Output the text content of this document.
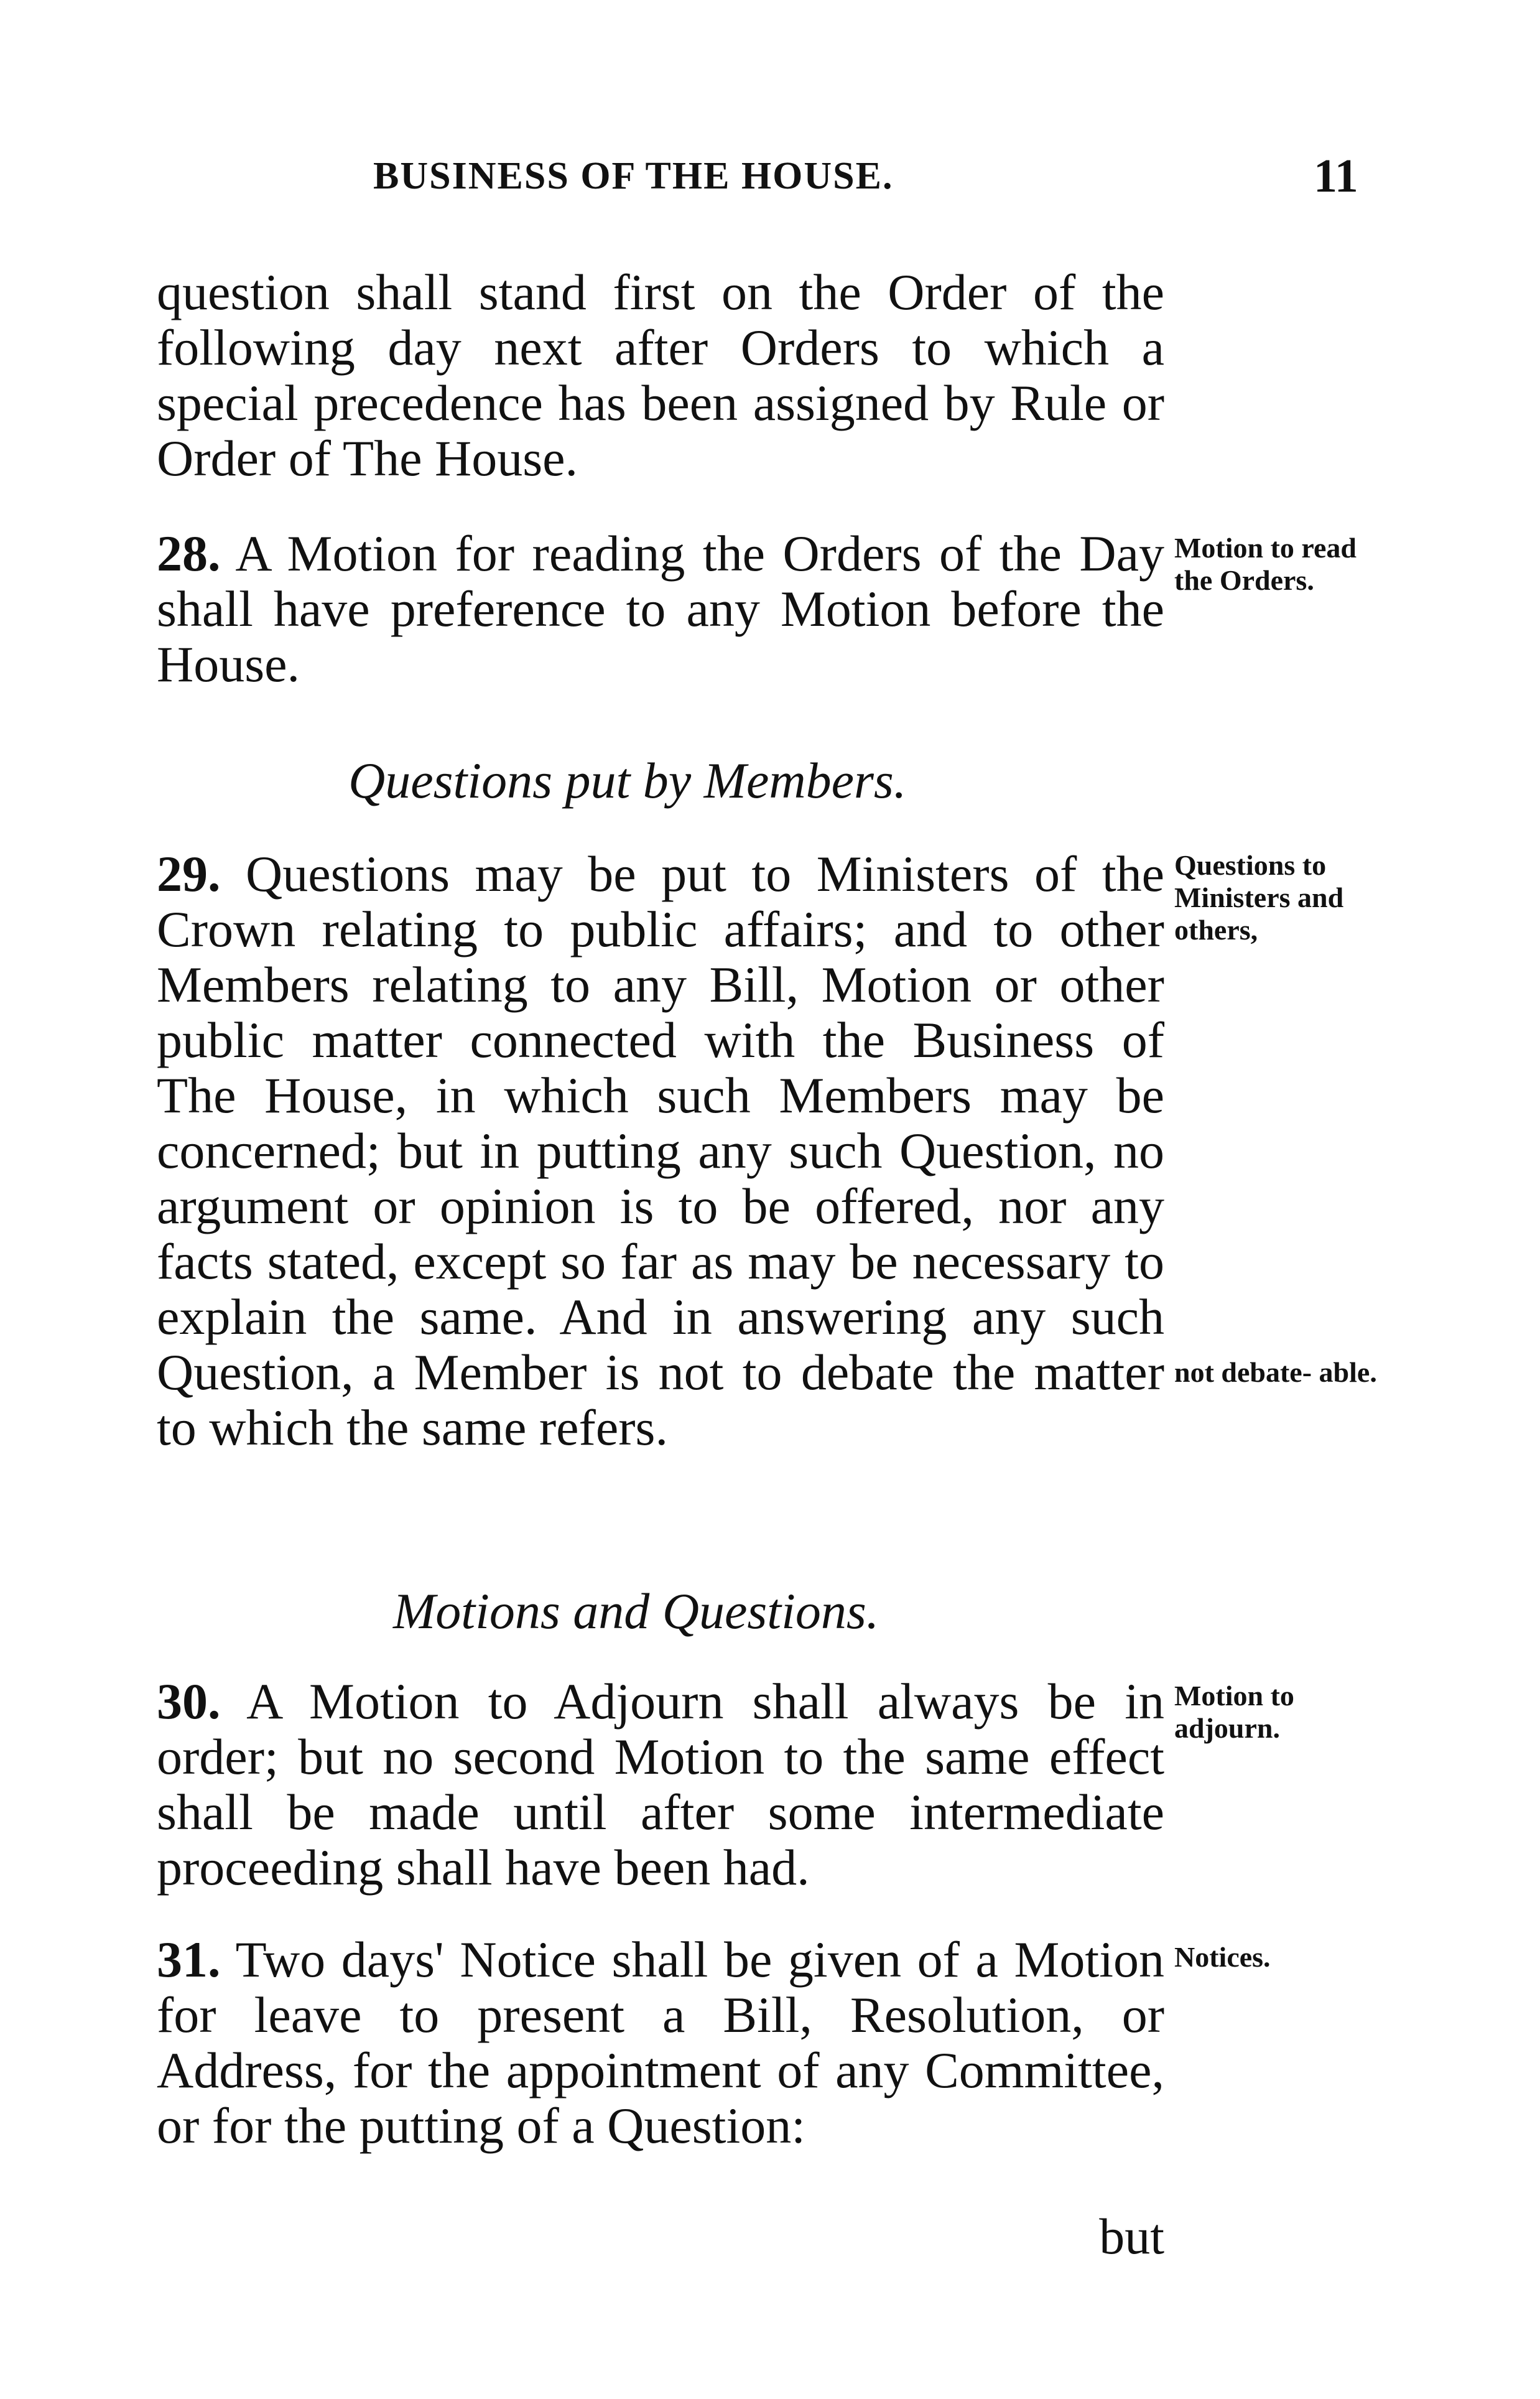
BUSINESS OF THE HOUSE.	11
question shall stand first on the Order of the following day next after Orders to which a special precedence has been assigned by Rule or Order of The House.
28. A Motion for reading the Orders of the Day shall have preference to any Motion before the House.
Motion to read the Orders.
Questions put by Members.
29. Questions may be put to Ministers of the Crown relating to public affairs; and to other Members relating to any Bill, Motion or other public matter connected with the Business of The House, in which such Members may be concerned; but in putting any such Question, no argument or opinion is to be offered, nor any facts stated, except so far as may be necessary to explain the same. And in answering any such Question, a Member is not to debate the matter to which the same refers.
Questions to Ministers and others,
not debate- able.
Motions and Questions.
30. A Motion to Adjourn shall always be in order; but no second Motion to the same effect shall be made until after some intermediate proceeding shall have been had.
Motion to adjourn.
31. Two days' Notice shall be given of a Motion for leave to present a Bill, Resolution, or Address, for the appointment of any Committee, or for the putting of a Question:
Notices.
but
